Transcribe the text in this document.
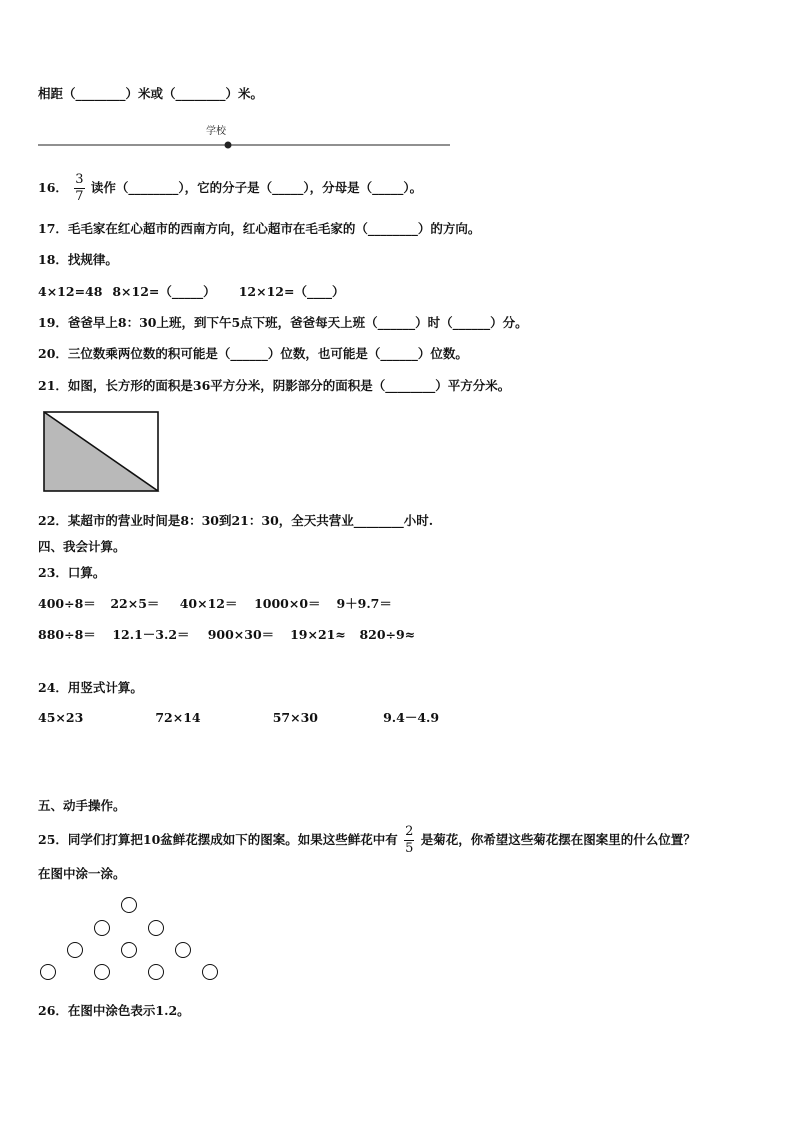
相距（________）米或（________）米。
学校
16． $\frac{3}{7}$ 读作（________），它的分子是（_____），分母是（_____）。
17．毛毛家在红心超市的西南方向，红心超市在毛毛家的（________）的方向。
18．找规律。
4×12=48 8×12=（_____） 12×12=（____）
19．爸爸早上8：30上班，到下午5点下班，爸爸每天上班（______）时（______）分。
20．三位数乘两位数的积可能是（______）位数，也可能是（______）位数。
21．如图，长方形的面积是36平方分米，阴影部分的面积是（________）平方分米。
22．某超市的营业时间是8：30到21：30，全天共营业________小时.
四、我会计算。
23．口算。
400÷8＝ 22×5＝ 40×12＝ 1000×0＝ 9＋9.7＝
880÷8＝ 12.1－3.2＝ 900×30＝ 19×21≈ 820÷9≈
24．用竖式计算。
45×23	72×14	57×30	9.4－4.9
五、动手操作。
25．同学们打算把10盆鲜花摆成如下的图案。如果这些鲜花中有 $\frac{2}{5}$ 是菊花，你希望这些菊花摆在图案里的什么位置？
在图中涂一涂。
26．在图中涂色表示1.2。
